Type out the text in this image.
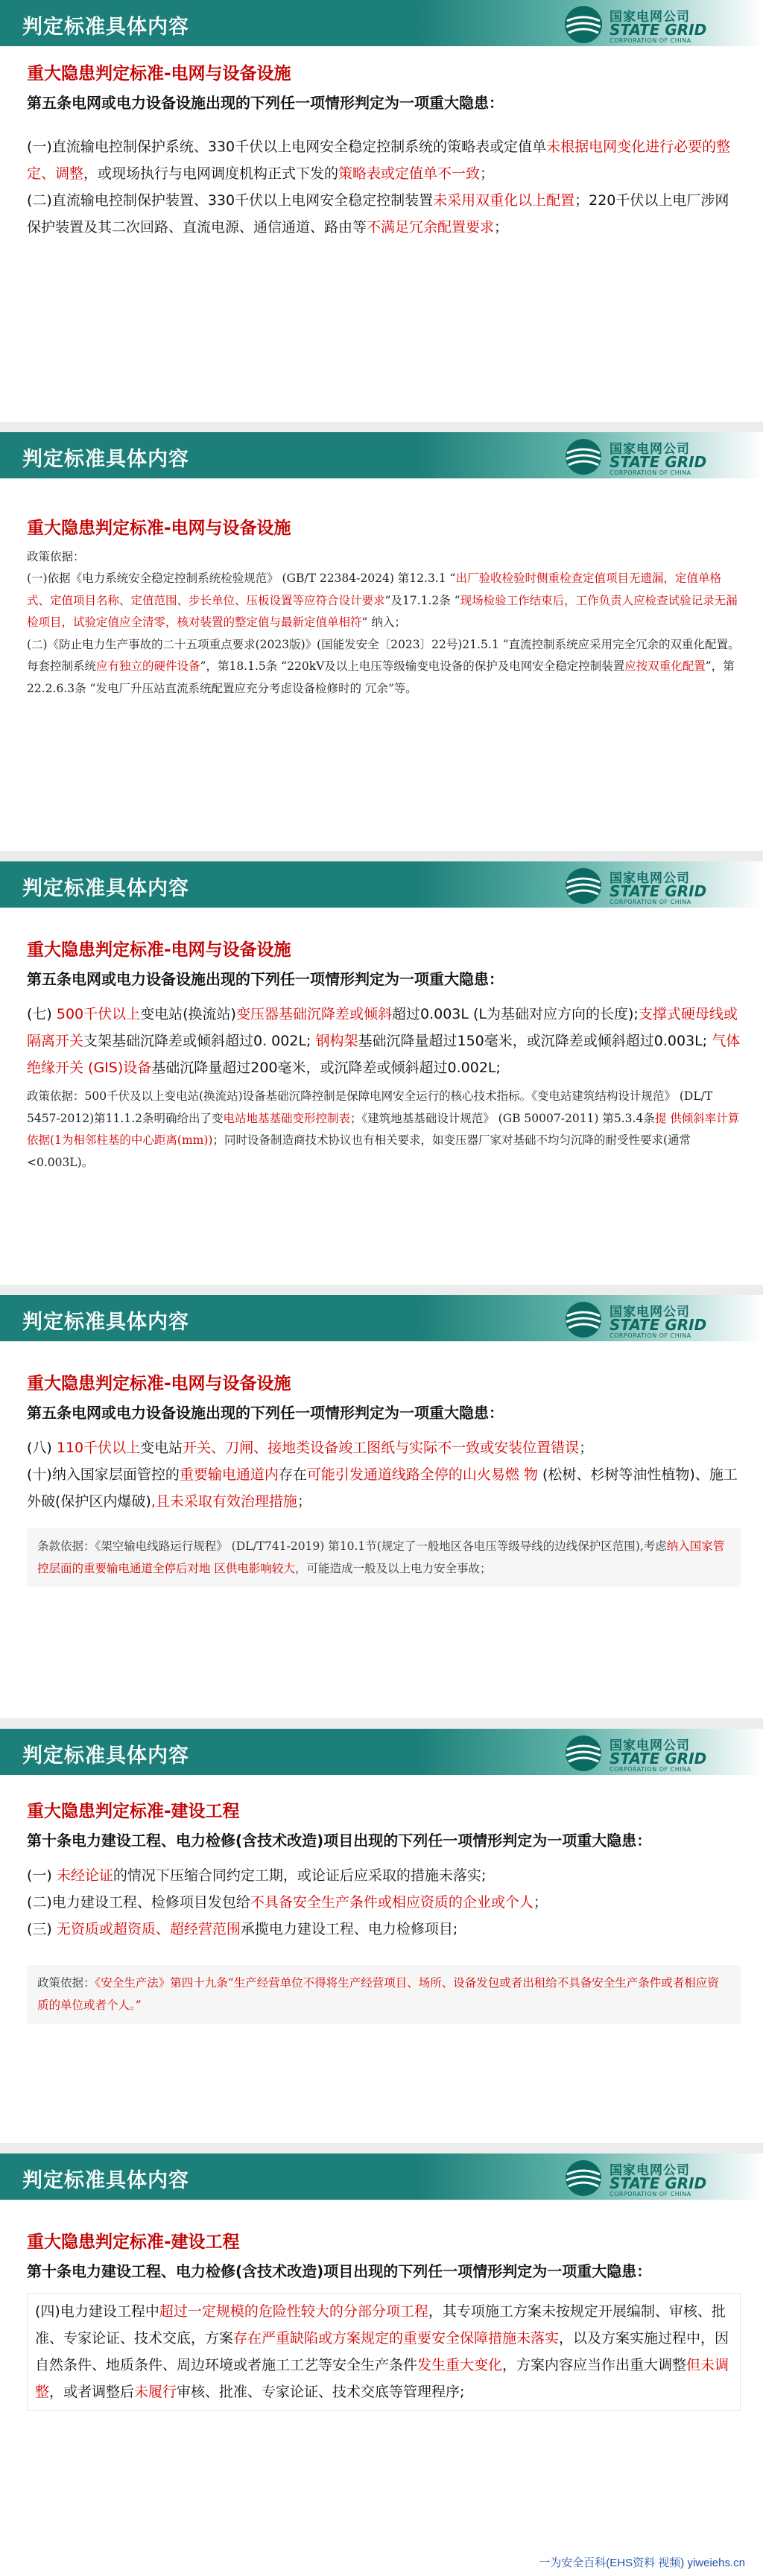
判定标准具体内容	国家电网公司
STATE GRID
CORPORATION OF CHINA
重大隐患判定标准-电网与设备设施
第五条电网或电力设备设施出现的下列任一项情形判定为一项重大隐患：

(一)直流输电控制保护系统、330千伏以上电网安全稳定控制系统的策略表或定值单未根据电网变化进行必要的整定、调整，或现场执行与电网调度机构正式下发的策略表或定值单不一致；

(二)直流输电控制保护装置、330千伏以上电网安全稳定控制装置未采用双重化以上配置；220千伏以上电厂涉网保护装置及其二次回路、直流电源、通信通道、路由等不满足冗余配置要求；

判定标准具体内容	国家电网公司
STATE GRID
CORPORATION OF CHINA
重大隐患判定标准-电网与设备设施

政策依据：

(一)依据《电力系统安全稳定控制系统检验规范》 (GB/T 22384-2024) 第12.3.1 “出厂验收检验时侧重检查定值项目无遗漏，定值单格式、定值项目名称、定值范围、步长单位、压板设置等应符合设计要求”及17.1.2条 “现场检验工作结束后，工作负责人应检查试验记录无漏检项目，试验定值应全清零，核对装置的整定值与最新定值单相符” 纳入；

(二)《防止电力生产事故的二十五项重点要求(2023版)》(国能发安全〔2023〕22号)21.5.1 “直流控制系统应采用完全冗余的双重化配置。每套控制系统应有独立的硬件设备”，第18.1.5条 “220kV及以上电压等级输变电设备的保护及电网安全稳定控制装置应按双重化配置”，第22.2.6.3条 “发电厂升压站直流系统配置应充分考虑设备检修时的 冗余”等。

判定标准具体内容	国家电网公司
STATE GRID
CORPORATION OF CHINA
重大隐患判定标准-电网与设备设施
第五条电网或电力设备设施出现的下列任一项情形判定为一项重大隐患：

(七) 500千伏以上变电站(换流站)变压器基础沉降差或倾斜超过0.003L (L为基础对应方向的长度);支撑式硬母线或隔离开关支架基础沉降差或倾斜超过0. 002L; 钢构架基础沉降量超过150毫米，或沉降差或倾斜超过0.003L; 气体绝缘开关 (GIS)设备基础沉降量超过200毫米，或沉降差或倾斜超过0.002L;

政策依据：500千伏及以上变电站(换流站)设备基础沉降控制是保障电网安全运行的核心技术指标。《变电站建筑结构设计规范》 (DL/T 5457-2012)第11.1.2条明确给出了变电站地基基础变形控制表；《建筑地基基础设计规范》 (GB 50007-2011) 第5.3.4条提 供倾斜率计算依据(1为相邻柱基的中心距离(mm))；同时设备制造商技术协议也有相关要求，如变压器厂家对基础不均匀沉降的耐受性要求(通常<0.003L)。

判定标准具体内容	国家电网公司
STATE GRID
CORPORATION OF CHINA
重大隐患判定标准-电网与设备设施
第五条电网或电力设备设施出现的下列任一项情形判定为一项重大隐患：

(八) 110千伏以上变电站开关、刀闸、接地类设备竣工图纸与实际不一致或安装位置错误；

(十)纳入国家层面管控的重要输电通道内存在可能引发通道线路全停的山火易燃 物 (松树、杉树等油性植物)、施工外破(保护区内爆破),且未采取有效治理措施；

条款依据：《架空输电线路运行规程》 (DL/T741-2019) 第10.1节(规定了一般地区各电压等级导线的边线保护区范围),考虑纳入国家管控层面的重要输电通道全停后对地 区供电影响较大，可能造成一般及以上电力安全事故；

判定标准具体内容	国家电网公司
STATE GRID
CORPORATION OF CHINA
重大隐患判定标准-建设工程
第十条电力建设工程、电力检修(含技术改造)项目出现的下列任一项情形判定为一项重大隐患：

(一) 未经论证的情况下压缩合同约定工期，或论证后应采取的措施未落实;

(二)电力建设工程、检修项目发包给不具备安全生产条件或相应资质的企业或个人；

(三) 无资质或超资质、超经营范围承揽电力建设工程、电力检修项目;

政策依据：《安全生产法》第四十九条“生产经营单位不得将生产经营项目、场所、设备发包或者出租给不具备安全生产条件或者相应资质的单位或者个人。”

判定标准具体内容	国家电网公司
STATE GRID
CORPORATION OF CHINA
重大隐患判定标准-建设工程
第十条电力建设工程、电力检修(含技术改造)项目出现的下列任一项情形判定为一项重大隐患：

(四)电力建设工程中超过一定规模的危险性较大的分部分项工程，其专项施工方案未按规定开展编制、审核、批准、专家论证、技术交底，方案存在严重缺陷或方案规定的重要安全保障措施未落实，以及方案实施过程中，因自然条件、地质条件、周边环境或者施工工艺等安全生产条件发生重大变化，方案内容应当作出重大调整但未调整，或者调整后未履行审核、批准、专家论证、技术交底等管理程序;

一为安全百科(EHS资料 视频) yiweiehs.cn
